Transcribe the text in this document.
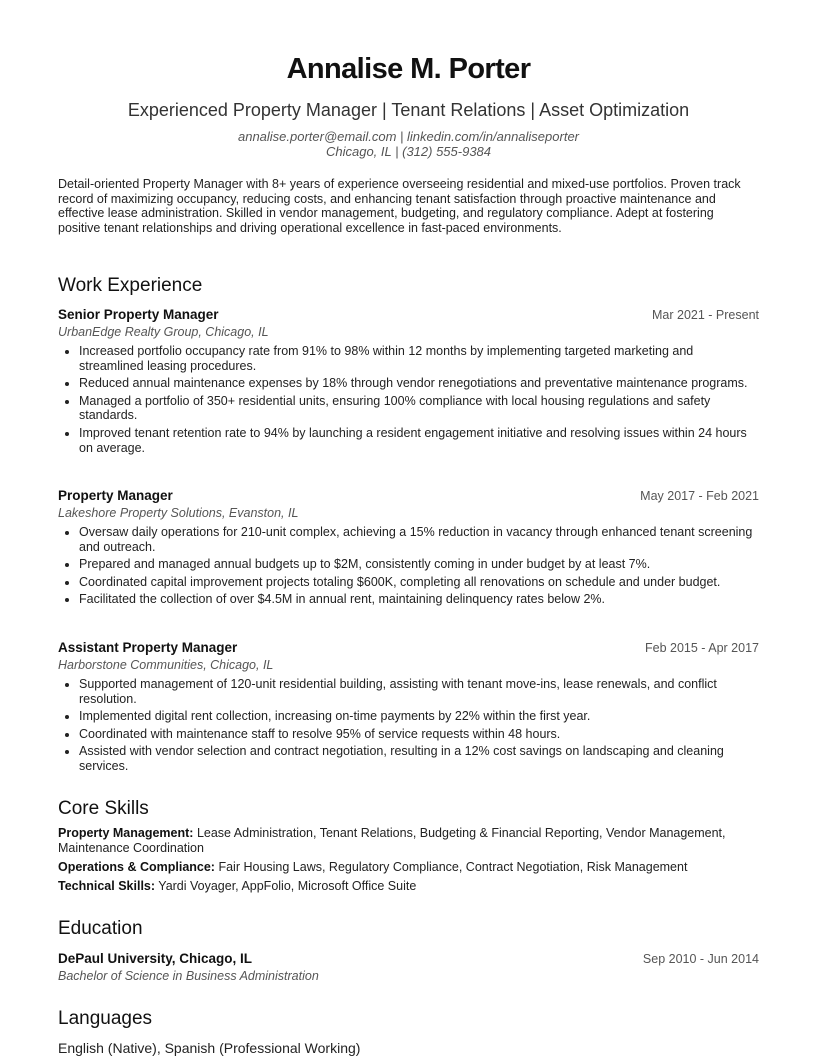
Annalise M. Porter
Experienced Property Manager | Tenant Relations | Asset Optimization
annalise.porter@email.com | linkedin.com/in/annaliseporter
Chicago, IL | (312) 555-9384

Detail-oriented Property Manager with 8+ years of experience overseeing residential and mixed-use portfolios. Proven track record of maximizing occupancy, reducing costs, and enhancing tenant satisfaction through proactive maintenance and effective lease administration. Skilled in vendor management, budgeting, and regulatory compliance. Adept at fostering positive tenant relationships and driving operational excellence in fast-paced environments.

Work Experience
Senior Property Manager	Mar 2021 - Present
UrbanEdge Realty Group, Chicago, IL
• Increased portfolio occupancy rate from 91% to 98% within 12 months by implementing targeted marketing and streamlined leasing procedures.
• Reduced annual maintenance expenses by 18% through vendor renegotiations and preventative maintenance programs.
• Managed a portfolio of 350+ residential units, ensuring 100% compliance with local housing regulations and safety standards.
• Improved tenant retention rate to 94% by launching a resident engagement initiative and resolving issues within 24 hours on average.
Property Manager	May 2017 - Feb 2021
Lakeshore Property Solutions, Evanston, IL
• Oversaw daily operations for 210-unit complex, achieving a 15% reduction in vacancy through enhanced tenant screening and outreach.
• Prepared and managed annual budgets up to $2M, consistently coming in under budget by at least 7%.
• Coordinated capital improvement projects totaling $600K, completing all renovations on schedule and under budget.
• Facilitated the collection of over $4.5M in annual rent, maintaining delinquency rates below 2%.
Assistant Property Manager	Feb 2015 - Apr 2017
Harborstone Communities, Chicago, IL
• Supported management of 120-unit residential building, assisting with tenant move-ins, lease renewals, and conflict resolution.
• Implemented digital rent collection, increasing on-time payments by 22% within the first year.
• Coordinated with maintenance staff to resolve 95% of service requests within 48 hours.
• Assisted with vendor selection and contract negotiation, resulting in a 12% cost savings on landscaping and cleaning services.
Core Skills
Property Management: Lease Administration, Tenant Relations, Budgeting & Financial Reporting, Vendor Management, Maintenance Coordination
Operations & Compliance: Fair Housing Laws, Regulatory Compliance, Contract Negotiation, Risk Management
Technical Skills: Yardi Voyager, AppFolio, Microsoft Office Suite
Education
DePaul University, Chicago, IL	Sep 2010 - Jun 2014
Bachelor of Science in Business Administration
Languages
English (Native), Spanish (Professional Working)
